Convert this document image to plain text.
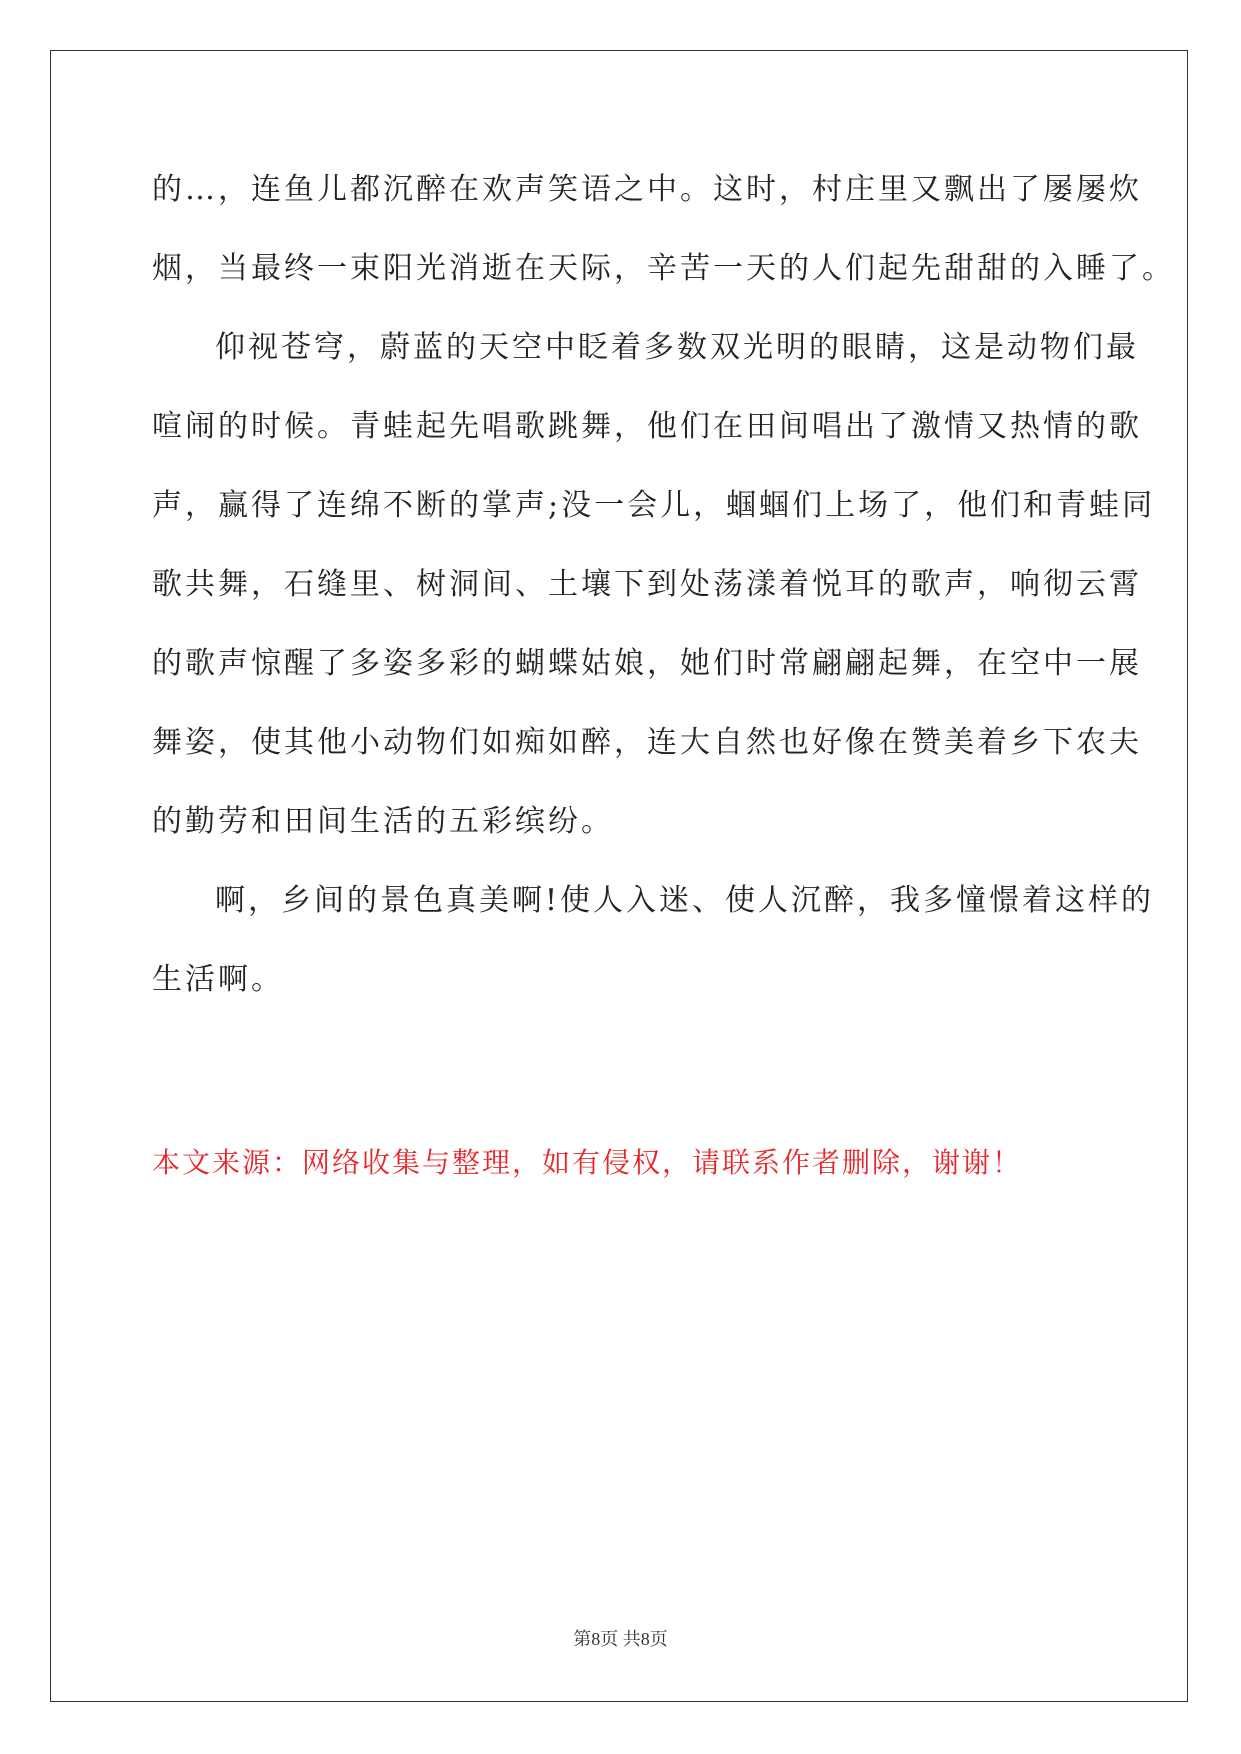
的…，连鱼儿都沉醉在欢声笑语之中。这时，村庄里又飘出了屡屡炊
烟，当最终一束阳光消逝在天际，辛苦一天的人们起先甜甜的入睡了。
仰视苍穹，蔚蓝的天空中眨着多数双光明的眼睛，这是动物们最
喧闹的时候。青蛙起先唱歌跳舞，他们在田间唱出了激情又热情的歌
声，赢得了连绵不断的掌声;没一会儿，蝈蝈们上场了，他们和青蛙同
歌共舞，石缝里、树洞间、土壤下到处荡漾着悦耳的歌声，响彻云霄
的歌声惊醒了多姿多彩的蝴蝶姑娘，她们时常翩翩起舞，在空中一展
舞姿，使其他小动物们如痴如醉，连大自然也好像在赞美着乡下农夫
的勤劳和田间生活的五彩缤纷。
啊，乡间的景色真美啊!使人入迷、使人沉醉，我多憧憬着这样的
生活啊。
本文来源：网络收集与整理，如有侵权，请联系作者删除，谢谢！
第8页 共8页
